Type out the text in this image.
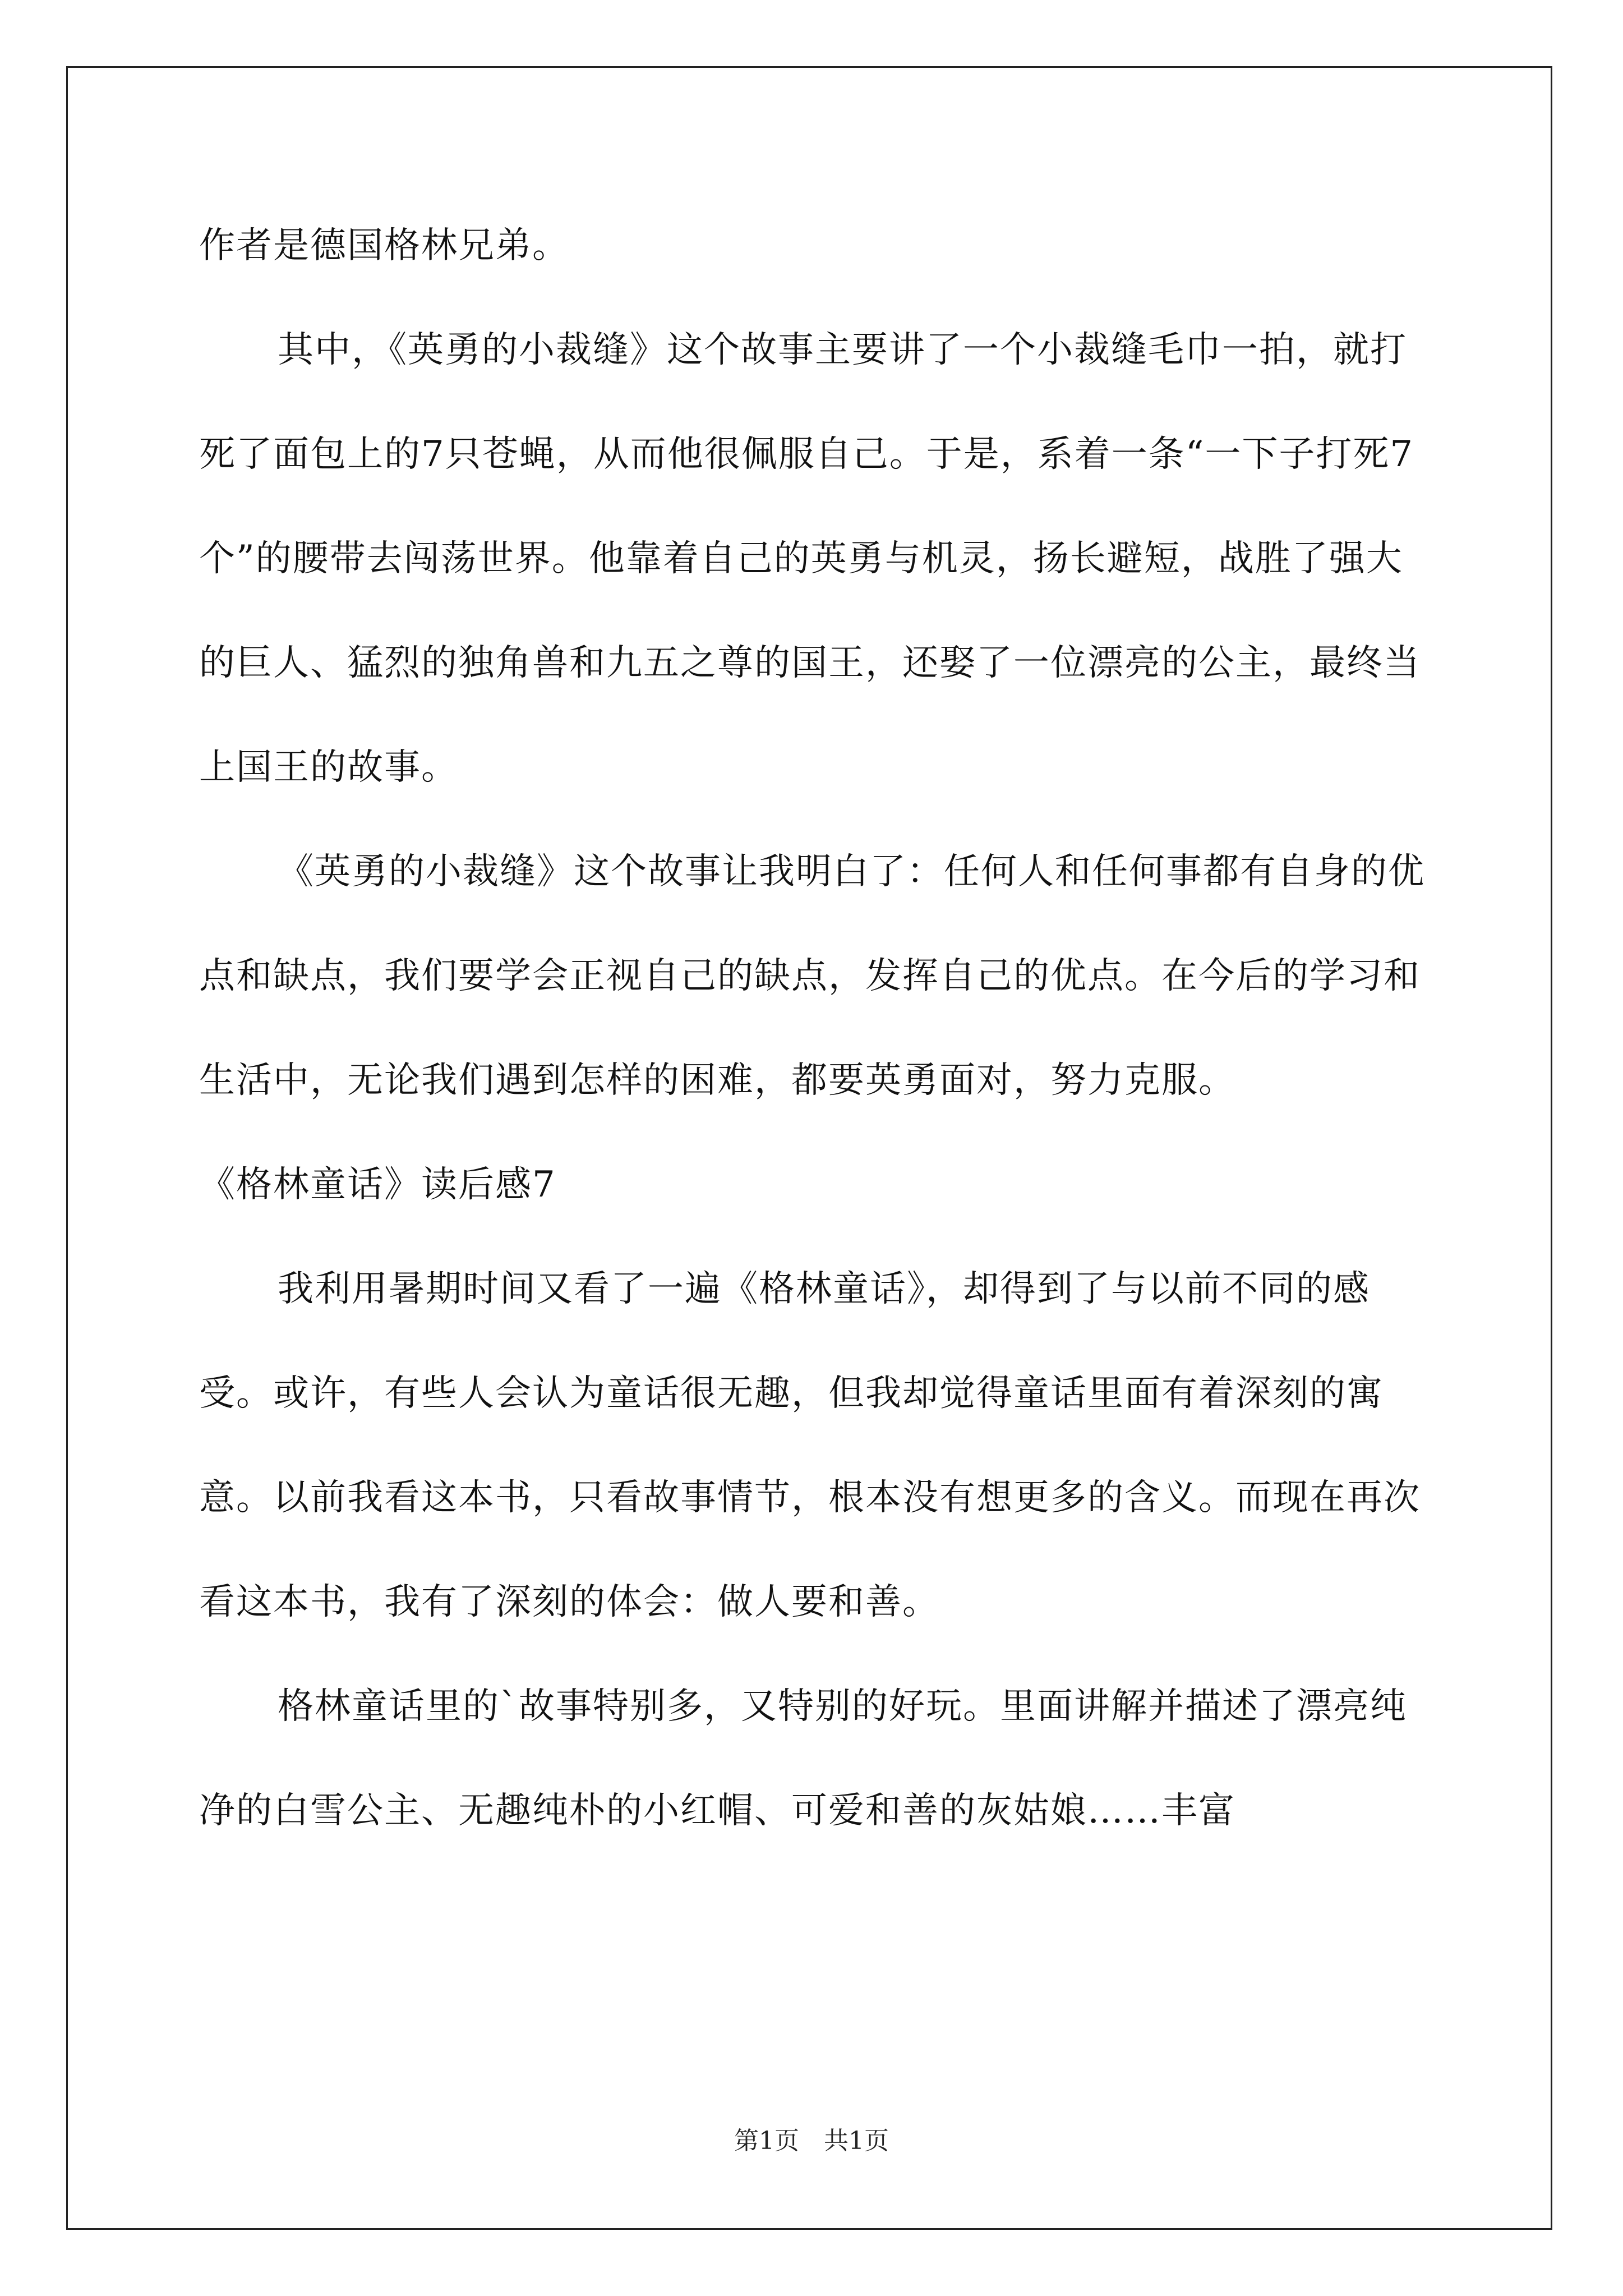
作者是德国格林兄弟。

其中，《英勇的小裁缝》这个故事主要讲了一个小裁缝毛巾一拍，就打死了面包上的7只苍蝇，从而他很佩服自己。于是，系着一条“一下子打死7个”的腰带去闯荡世界。他靠着自己的英勇与机灵，扬长避短，战胜了强大的巨人、猛烈的独角兽和九五之尊的国王，还娶了一位漂亮的公主，最终当上国王的故事。

《英勇的小裁缝》这个故事让我明白了：任何人和任何事都有自身的优点和缺点，我们要学会正视自己的缺点，发挥自己的优点。在今后的学习和生活中，无论我们遇到怎样的困难，都要英勇面对，努力克服。

《格林童话》读后感7

我利用暑期时间又看了一遍《格林童话》，却得到了与以前不同的感受。或许，有些人会认为童话很无趣，但我却觉得童话里面有着深刻的寓意。以前我看这本书，只看故事情节，根本没有想更多的含义。而现在再次看这本书，我有了深刻的体会：做人要和善。

格林童话里的`故事特别多，又特别的好玩。里面讲解并描述了漂亮纯净的白雪公主、无趣纯朴的小红帽、可爱和善的灰姑娘……丰富

第1页　共1页
